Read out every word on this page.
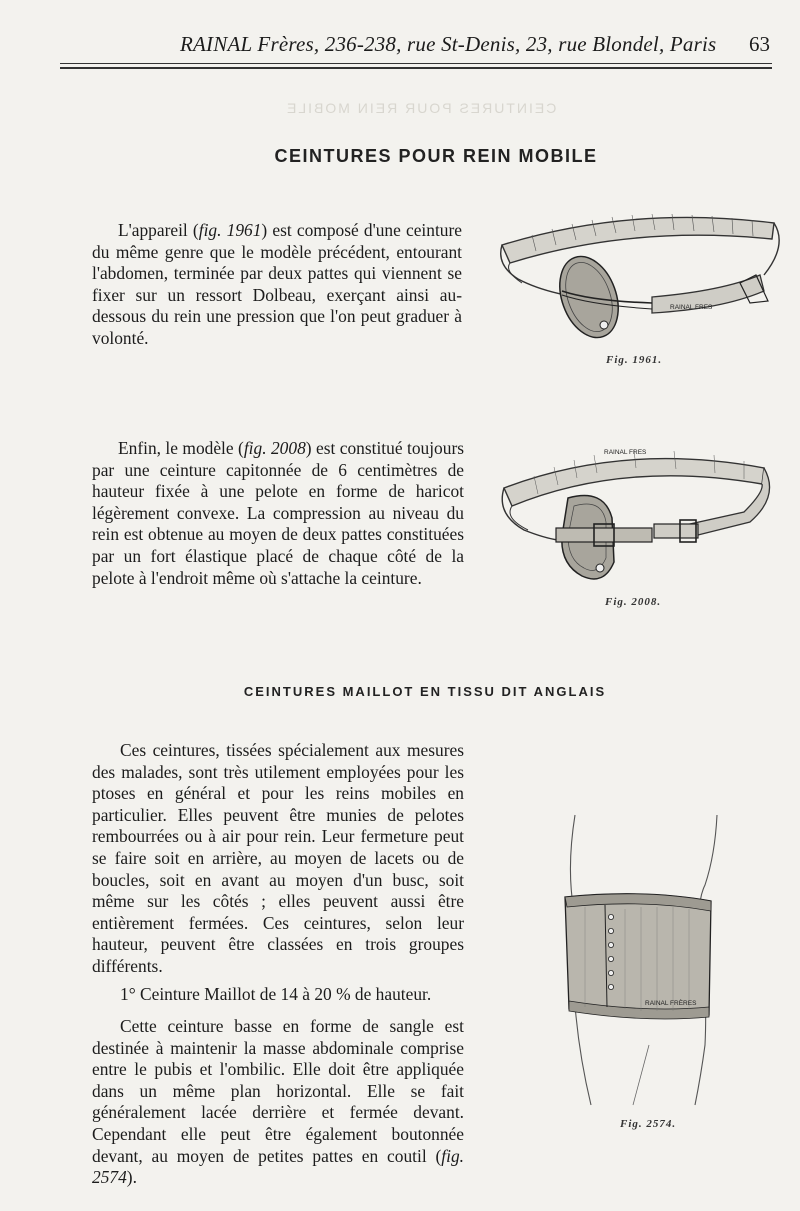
CEINTURES POUR REIN MOBILE
RAINAL Frères, 236-238, rue St-Denis, 23, rue Blondel, Paris 63
CEINTURES POUR REIN MOBILE

L'appareil (fig. 1961) est composé d'une ceinture du même genre que le modèle précédent, entourant l'abdomen, terminée par deux pattes qui viennent se fixer sur un ressort Dolbeau, exerçant ainsi au-dessous du rein une pression que l'on peut graduer à volonté.

RAINAL FRES
Fig. 1961.

Enfin, le modèle (fig. 2008) est constitué toujours par une ceinture capitonnée de 6 centimètres de hauteur fixée à une pelote en forme de haricot légèrement convexe. La compression au niveau du rein est obtenue au moyen de deux pattes constituées par un fort élastique placé de chaque côté de la pelote à l'endroit même où s'attache la ceinture.

RAINAL FRES
Fig. 2008.
CEINTURES MAILLOT EN TISSU DIT ANGLAIS

Ces ceintures, tissées spécialement aux mesures des malades, sont très utilement employées pour les ptoses en général et pour les reins mobiles en particulier. Elles peuvent être munies de pelotes rembourrées ou à air pour rein. Leur fermeture peut se faire soit en arrière, au moyen de lacets ou de boucles, soit en avant au moyen d'un busc, soit même sur les côtés ; elles peuvent aussi être entièrement fermées. Ces ceintures, selon leur hauteur, peuvent être classées en trois groupes différents.

1° Ceinture Maillot de 14 à 20 % de hauteur.

Cette ceinture basse en forme de sangle est destinée à maintenir la masse abdominale comprise entre le pubis et l'ombilic. Elle doit être appliquée dans un même plan horizontal. Elle se fait généralement lacée derrière et fermée devant. Cependant elle peut être également boutonnée devant, au moyen de petites pattes en coutil (fig. 2574).

RAINAL FRÈRES
Fig. 2574.
